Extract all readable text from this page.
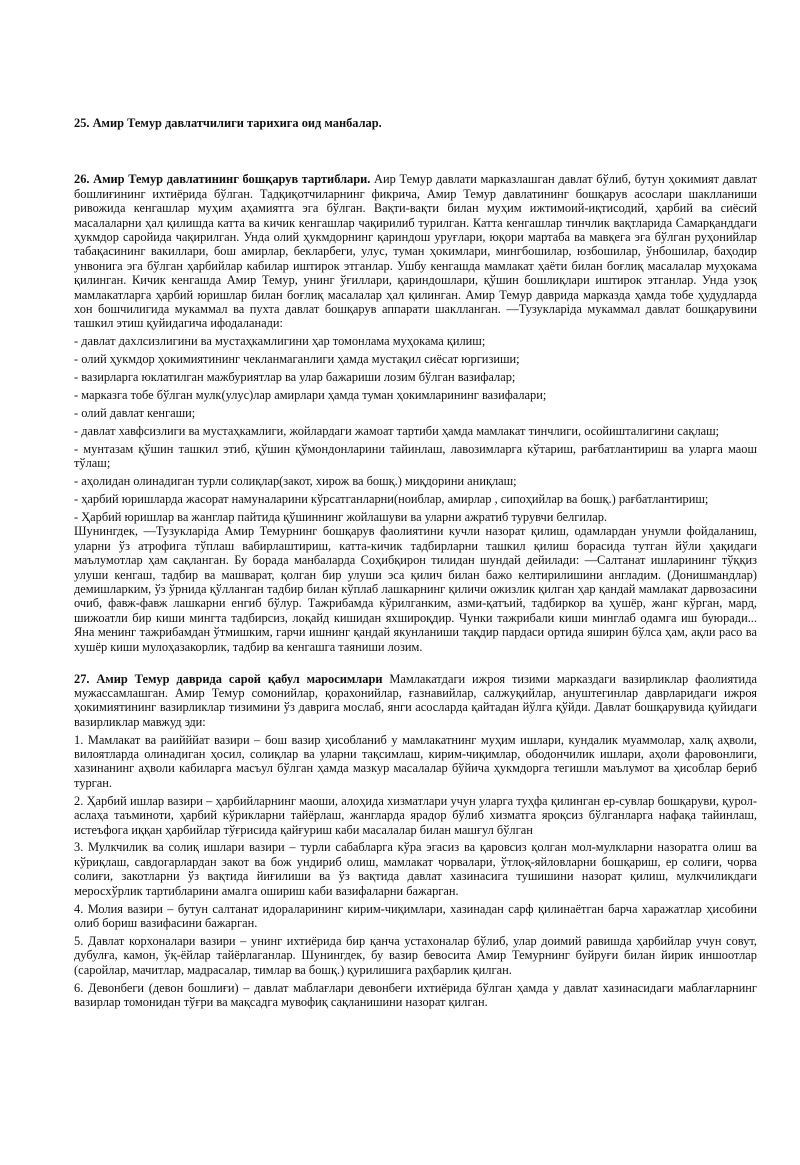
25. Амир Темур давлатчилиги тарихига оид манбалар.

26. Амир Темур давлатининг бошқарув тартиблари. Аир Темур давлати марказлашган давлат бўлиб, бутун ҳокимият давлат бошлиғининг ихтиёрида бўлган. Тадқиқотчиларнинг фикрича, Амир Темур давлатининг бошқарув асослари шаклланиши ривожида кенгашлар муҳим аҳамиятга эга бўлган. Вақти-вақти билан муҳим ижтимоий-иқтисодий, ҳарбий ва сиёсий масалаларни ҳал қилишда катта ва кичик кенгашлар чақирилиб турилган. Катта кенгашлар тинчлик вақтларида Самарқанддаги ҳукмдор саройида чақирилган. Унда олий ҳукмдорнинг қариндош уруғлари, юқори мартаба ва мавқега эга бўлган руҳонийлар табақасининг вакиллари, бош амирлар, бекларбеги, улус, туман ҳокимлари, мингбошилар, юзбошилар, ўнбошилар, баҳодир унвонига эга бўлган ҳарбийлар кабилар иштирок этганлар. Ушбу кенгашда мамлакат ҳаёти билан боғлиқ масалалар муҳокама қилинган. Кичик кенгашда Амир Темур, унинг ўғиллари, қариндошлари, қўшин бошлиқлари иштирок этганлар. Унда узоқ мамлакатларга ҳарбий юришлар билан боғлиқ масалалар ҳал қилинган. Амир Темур даврида марказда ҳамда тобе ҳудудларда хон бошчилигида мукаммал ва пухта давлат бошқарув аппарати шаклланган. ―Тузукларіда мукаммал давлат бошқарувини ташкил этиш қуйидагича ифодаланади:

- давлат дахлсизлигини ва мустаҳкамлигини ҳар томонлама муҳокама қилиш;

- олий ҳукмдор ҳокимиятининг чекланмаганлиги ҳамда мустақил сиёсат юргизиши;

- вазирларга юклатилган мажбуриятлар ва улар бажариши лозим бўлган вазифалар;

- марказга тобе бўлган мулк(улус)лар амирлари ҳамда туман ҳокимларининг вазифалари;

- олий давлат кенгаши;

- давлат хавфсизлиги ва мустаҳкамлиги, жойлардаги жамоат тартиби ҳамда мамлакат тинчлиги, осойишталигини сақлаш;

- мунтазам қўшин ташкил этиб, қўшин қўмондонларини тайинлаш, лавозимларга кўтариш, рағбатлантириш ва уларга маош тўлаш;

- аҳолидан олинадиган турли солиқлар(закот, хирож ва бошқ.) миқдорини аниқлаш;

- ҳарбий юришларда жасорат намуналарини кўрсатганларни(ноиблар, амирлар , сипоҳийлар ва бошқ.) рағбатлантириш;

- Ҳарбий юришлар ва жанглар пайтида қўшиннинг жойлашуви ва уларни ажратиб турувчи белгилар.

Шунингдек, ―Тузукларіда Амир Темурнинг бошқарув фаолиятини кучли назорат қилиш, одамлардан унумли фойдаланиш, уларни ўз атрофига тўплаш вабирлаштириш, катта-кичик тадбирларни ташкил қилиш борасида тутган йўли ҳақидаги маълумотлар ҳам сақланган. Бу борада манбаларда Соҳибқирон тилидан шундай дейилади: ―Салтанат ишларининг тўққиз улуши кенгаш, тадбир ва машварат, қолган бир улуши эса қилич билан бажо келтирилишини англадим. (Донишмандлар) демишларким, ўз ўрнида қўлланган тадбир билан кўплаб лашкарнинг қиличи ожизлик қилган ҳар қандай мамлакат дарвозасини очиб, фавж-фавж лашкарни енгиб бўлур. Тажрибамда кўрилганким, азми-қатъий, тадбиркор ва ҳушёр, жанг кўрган, мард, шижоатли бир киши мингта тадбирсиз, лоқайд кишидан яхшироқдир. Чунки тажрибали киши минглаб одамга иш буюради... Яна менинг тажрибамдан ўтмишким, гарчи ишнинг қандай якунланиши тақдир пардаси ортида яширин бўлса ҳам, ақли расо ва хушёр киши мулоҳазакорлик, тадбир ва кенгашга таяниши лозим.

27. Амир Темур даврида сарой қабул маросимлари Мамлакатдаги ижроя тизими марказдаги вазирликлар фаолиятида мужассамлашган. Амир Темур сомонийлар, қорахонийлар, ғазнавийлар, салжуқийлар, ануштегинлар даврларидаги ижроя ҳокимиятининг вазирликлар тизимини ўз даврига мослаб, янги асосларда қайтадан йўлга қўйди. Давлат бошқарувида қуйидаги вазирликлар мавжуд эди:

1. Мамлакат ва раийййат вазири – бош вазир ҳисобланиб у мамлакатнинг муҳим ишлари, кундалик муаммолар, халқ аҳволи, вилоятларда олинадиган ҳосил, солиқлар ва уларни тақсимлаш, кирим-чиқимлар, ободончилик ишлари, аҳоли фаровонлиги, хазинанинг аҳволи кабиларга масъул бўлган ҳамда мазкур масалалар бўйича ҳукмдорга тегишли маълумот ва ҳисоблар бериб турган.

2. Ҳарбий ишлар вазири – ҳарбийларнинг маоши, алоҳида хизматлари учун уларга туҳфа қилинган ер-сувлар бошқаруви, қурол-аслаҳа таъминоти, ҳарбий кўрикларни тайёрлаш, жангларда ярадор бўлиб хизматга яроқсиз бўлганларга нафақа тайинлаш, истеъфога иққан ҳарбийлар тўғрисида қайғуриш каби масалалар билан машғул бўлган

3. Мулкчилик ва солиқ ишлари вазири – турли сабабларга кўра эгасиз ва қаровсиз қолган мол-мулкларни назоратга олиш ва кўриқлаш, савдогарлардан закот ва бож ундириб олиш, мамлакат чорвалари, ўтлоқ-яйловларни бошқариш, ер солиғи, чорва солиғи, закотларни ўз вақтида йиғилиши ва ўз вақтида давлат хазинасига тушишини назорат қилиш, мулкчиликдаги меросхўрлик тартибларини амалга ошириш каби вазифаларни бажарган.

4. Молия вазири – бутун салтанат идораларининг кирим-чиқимлари, хазинадан сарф қилинаётган барча харажатлар ҳисобини олиб бориш вазифасини бажарган.

5. Давлат корхоналари вазири – унинг ихтиёрида бир қанча устахоналар бўлиб, улар доимий равишда ҳарбийлар учун совут, дубулға, камон, ўқ-ёйлар тайёрлаганлар. Шунингдек, бу вазир бевосита Амир Темурнинг буйруғи билан йирик иншоотлар (саройлар, мачитлар, мадрасалар, тимлар ва бошқ.) қурилишига раҳбарлик қилган.

6. Девонбеги (девон бошлиғи) – давлат маблағлари девонбеги ихтиёрида бўлган ҳамда у давлат хазинасидаги маблағларнинг вазирлар томонидан тўғри ва мақсадга мувофиқ сақланишини назорат қилган.
